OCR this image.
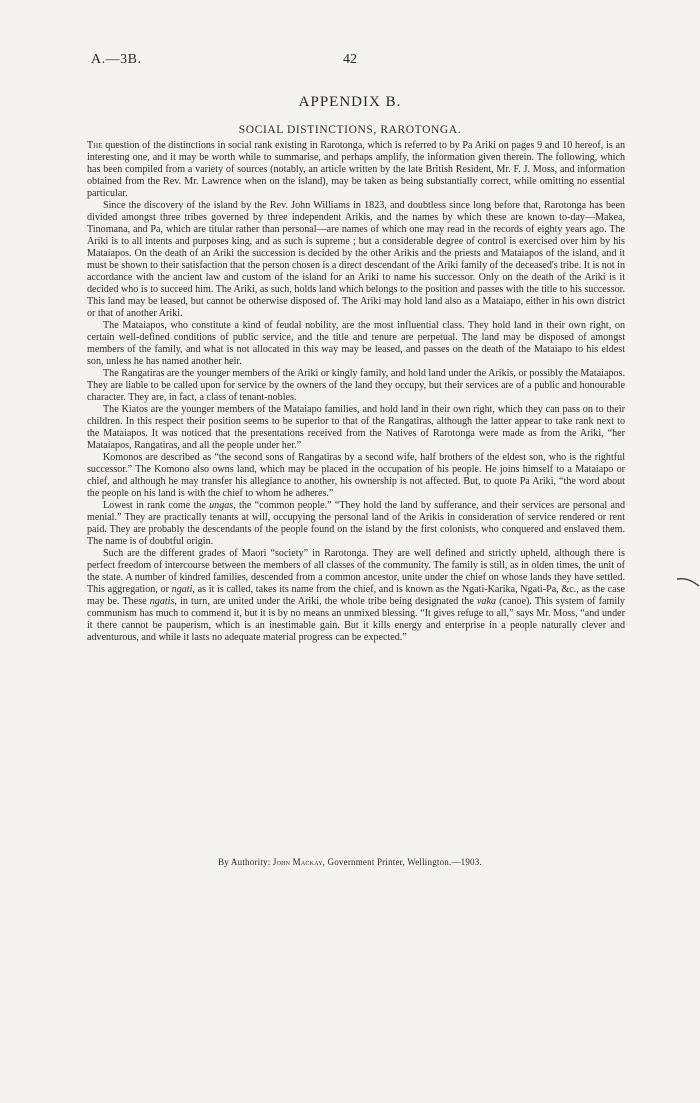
A.—3B.	42
APPENDIX B.
SOCIAL DISTINCTIONS, RAROTONGA.

The question of the distinctions in social rank existing in Rarotonga, which is referred to by Pa Ariki on pages 9 and 10 hereof, is an interesting one, and it may be worth while to summarise, and perhaps amplify, the information given therein. The following, which has been compiled from a variety of sources (notably, an article written by the late British Resident, Mr. F. J. Moss, and information obtained from the Rev. Mr. Lawrence when on the island), may be taken as being substantially correct, while omitting no essential particular.

Since the discovery of the island by the Rev. John Williams in 1823, and doubtless since long before that, Rarotonga has been divided amongst three tribes governed by three independent Arikis, and the names by which these are known to-day—Makea, Tinomana, and Pa, which are titular rather than personal—are names of which one may read in the records of eighty years ago. The Ariki is to all intents and purposes king, and as such is supreme ; but a considerable degree of control is exercised over him by his Mataiapos. On the death of an Ariki the succession is decided by the other Arikis and the priests and Mataiapos of the island, and it must be shown to their satisfaction that the person chosen is a direct descendant of the Ariki family of the deceased's tribe. It is not in accordance with the ancient law and custom of the island for an Ariki to name his successor. Only on the death of the Ariki is it decided who is to succeed him. The Ariki, as such, holds land which belongs to the position and passes with the title to his successor. This land may be leased, but cannot be otherwise disposed of. The Ariki may hold land also as a Mataiapo, either in his own district or that of another Ariki.

The Mataiapos, who constitute a kind of feudal nobility, are the most influential class. They hold land in their own right, on certain well-defined conditions of public service, and the title and tenure are perpetual. The land may be disposed of amongst members of the family, and what is not allocated in this way may be leased, and passes on the death of the Mataiapo to his eldest son, unless he has named another heir.

The Rangatiras are the younger members of the Ariki or kingly family, and hold land under the Arikis, or possibly the Mataiapos. They are liable to be called upon for service by the owners of the land they occupy, but their services are of a public and honourable character. They are, in fact, a class of tenant-nobles.

The Kiatos are the younger members of the Mataiapo families, and hold land in their own right, which they can pass on to their children. In this respect their position seems to be superior to that of the Rangatiras, although the latter appear to take rank next to the Mataiapos. It was noticed that the presentations received from the Natives of Rarotonga were made as from the Ariki, “her Mataiapos, Rangatiras, and all the people under her.”

Komonos are described as “the second sons of Rangatiras by a second wife, half brothers of the eldest son, who is the rightful successor.” The Komono also owns land, which may be placed in the occupation of his people. He joins himself to a Mataiapo or chief, and although he may transfer his allegiance to another, his ownership is not affected. But, to quote Pa Ariki, “the word about the people on his land is with the chief to whom he adheres.”

Lowest in rank come the ungas, the “common people.” “They hold the land by sufferance, and their services are personal and menial.” They are practically tenants at will, occupying the personal land of the Arikis in consideration of service rendered or rent paid. They are probably the descendants of the people found on the island by the first colonists, who conquered and enslaved them. The name is of doubtful origin.

Such are the different grades of Maori “society” in Rarotonga. They are well defined and strictly upheld, although there is perfect freedom of intercourse between the members of all classes of the community. The family is still, as in olden times, the unit of the state. A number of kindred families, descended from a common ancestor, unite under the chief on whose lands they have settled. This aggregation, or ngati, as it is called, takes its name from the chief, and is known as the Ngati-Karika, Ngati-Pa, &c., as the case may be. These ngatis, in turn, are united under the Ariki, the whole tribe being designated the vaka (canoe). This system of family communism has much to commend it, but it is by no means an unmixed blessing. “It gives refuge to all,” says Mr. Moss, “and under it there cannot be pauperism, which is an inestimable gain. But it kills energy and enterprise in a people naturally clever and adventurous, and while it lasts no adequate material progress can be expected.”

By Authority: John Mackay, Government Printer, Wellington.—1903.
